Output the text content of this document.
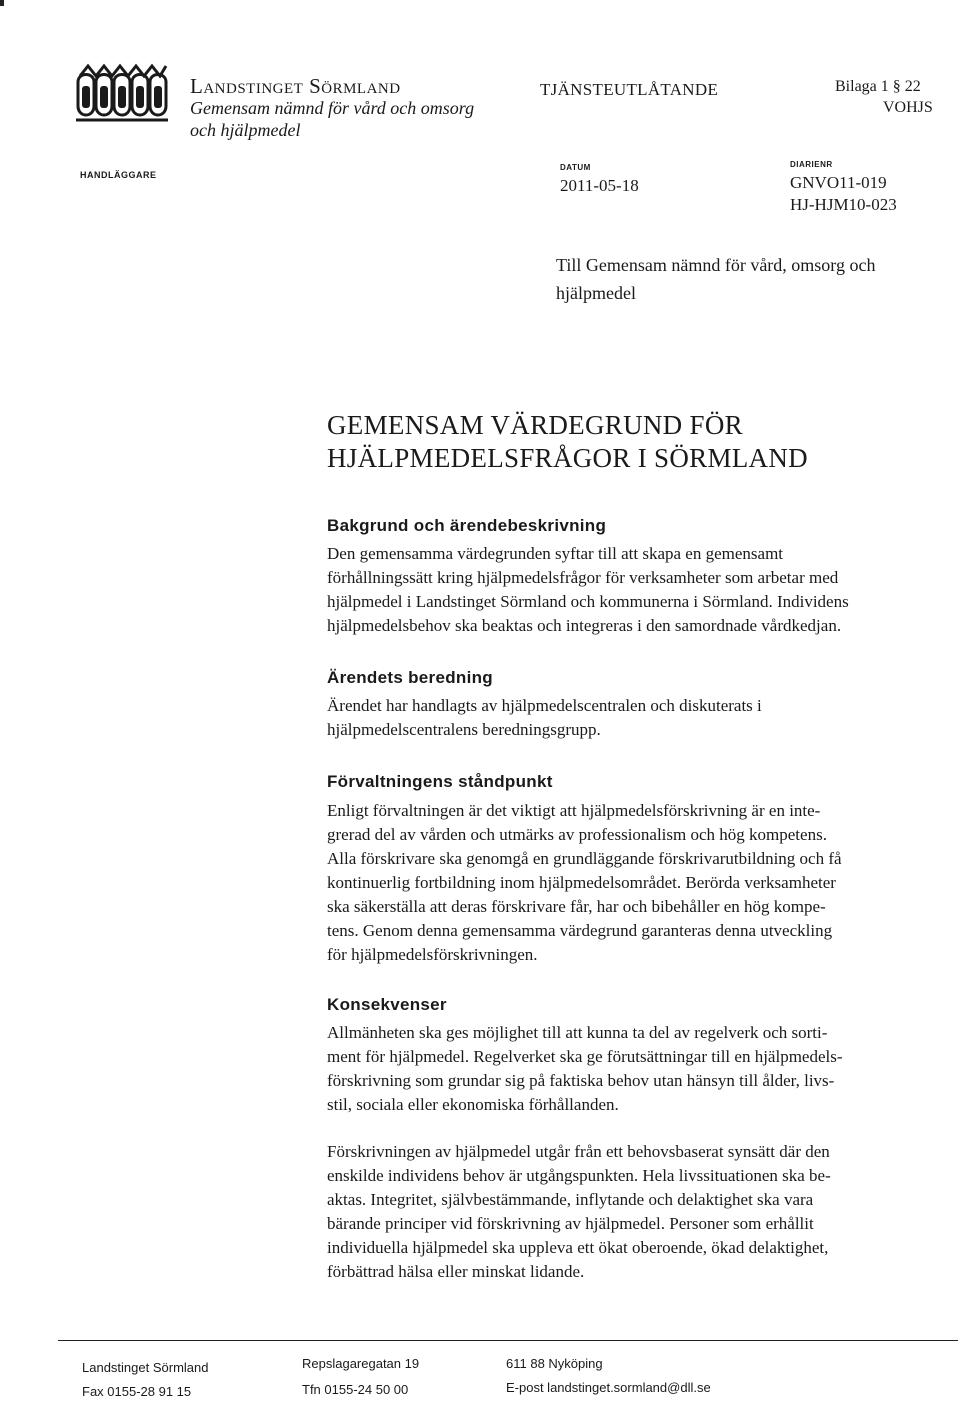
Landstinget Sörmland
Gemensam nämnd för vård och omsorg
och hjälpmedel
HANDLÄGGARE
TJÄNSTEUTLÅTANDE	Bilaga 1 § 22
VOHJS
DATUM
2011-05-18
DIARIENR
GNVO11-019
HJ-HJM10-023
Till Gemensam nämnd för vård, omsorg och
hjälpmedel
GEMENSAM VÄRDEGRUND FÖR
HJÄLPMEDELSFRÅGOR I SÖRMLAND
Bakgrund och ärendebeskrivning
Den gemensamma värdegrunden syftar till att skapa en gemensamt
förhållningssätt kring hjälpmedelsfrågor för verksamheter som arbetar med
hjälpmedel i Landstinget Sörmland och kommunerna i Sörmland. Individens
hjälpmedelsbehov ska beaktas och integreras i den samordnade vårdkedjan.
Ärendets beredning
Ärendet har handlagts av hjälpmedelscentralen och diskuterats i
hjälpmedelscentralens beredningsgrupp.
Förvaltningens ståndpunkt
Enligt förvaltningen är det viktigt att hjälpmedelsförskrivning är en inte-
grerad del av vården och utmärks av professionalism och hög kompetens.
Alla förskrivare ska genomgå en grundläggande förskrivarutbildning och få
kontinuerlig fortbildning inom hjälpmedelsområdet. Berörda verksamheter
ska säkerställa att deras förskrivare får, har och bibehåller en hög kompe-
tens. Genom denna gemensamma värdegrund garanteras denna utveckling
för hjälpmedelsförskrivningen.
Konsekvenser
Allmänheten ska ges möjlighet till att kunna ta del av regelverk och sorti-
ment för hjälpmedel. Regelverket ska ge förutsättningar till en hjälpmedels-
förskrivning som grundar sig på faktiska behov utan hänsyn till ålder, livs-
stil, sociala eller ekonomiska förhållanden.
Förskrivningen av hjälpmedel utgår från ett behovsbaserat synsätt där den
enskilde individens behov är utgångspunkten. Hela livssituationen ska be-
aktas. Integritet, självbestämmande, inflytande och delaktighet ska vara
bärande principer vid förskrivning av hjälpmedel. Personer som erhållit
individuella hjälpmedel ska uppleva ett ökat oberoende, ökad delaktighet,
förbättrad hälsa eller minskat lidande.
Landstinget Sörmland
Fax 0155-28 91 15
Repslagaregatan 19
Tfn 0155-24 50 00
611 88 Nyköping
E-post landstinget.sormland@dll.se
